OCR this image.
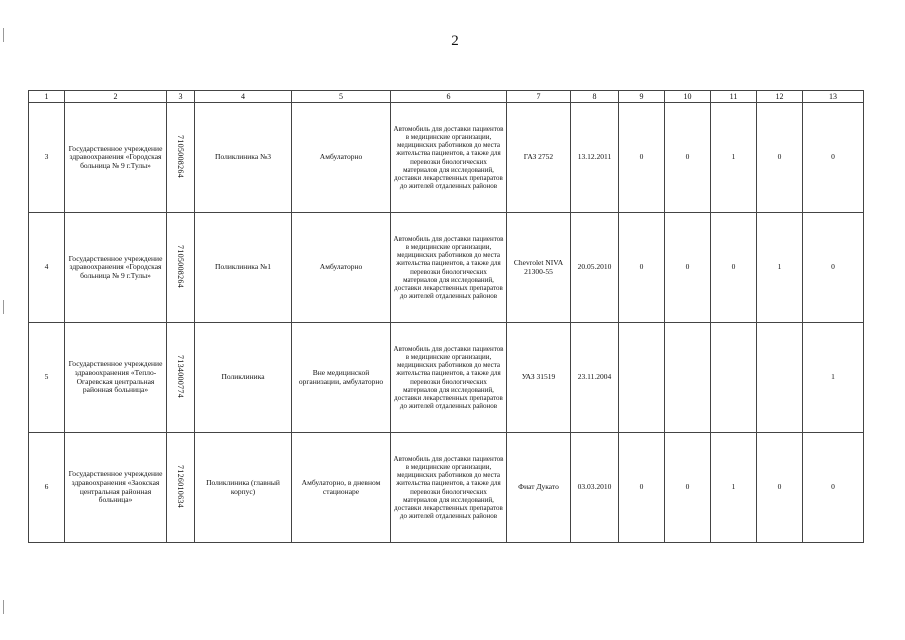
2
1	2	3	4	5	6	7	8	9	10	11	12	13
3	Государственное учреждение здравоохранения «Городская больница № 9 г.Тулы»	7105008264	Поликлиника №3	Амбулаторно	Автомобиль для доставки пациентов в медицинские организации, медицинских работников до места жительства пациентов, а также для перевозки биологических материалов для исследований, доставки лекарственных препаратов до жителей отдаленных районов	ГАЗ 2752	13.12.2011	0	0	1	0	0
4	Государственное учреждение здравоохранения «Городская больница № 9 г.Тулы»	7105008264	Поликлиника №1	Амбулаторно	Автомобиль для доставки пациентов в медицинские организации, медицинских работников до места жительства пациентов, а также для перевозки биологических материалов для исследований, доставки лекарственных препаратов до жителей отдаленных районов	Chevrolet NIVA 21300-55	20.05.2010	0	0	0	1	0
5	Государственное учреждение здравоохранения «Тепло-Огаревская центральная районная больница»	7134000774	Поликлиника	Вне медицинской организации, амбулаторно	Автомобиль для доставки пациентов в медицинские организации, медицинских работников до места жительства пациентов, а также для перевозки биологических материалов для исследований, доставки лекарственных препаратов до жителей отдаленных районов	УАЗ 31519	23.11.2004					1
6	Государственное учреждение здравоохранения «Заокская центральная районная больница»	7126010634	Поликлиника (главный корпус)	Амбулаторно, в дневном стационаре	Автомобиль для доставки пациентов в медицинские организации, медицинских работников до места жительства пациентов, а также для перевозки биологических материалов для исследований, доставки лекарственных препаратов до жителей отдаленных районов	Фиат Дукато	03.03.2010	0	0	1	0	0
